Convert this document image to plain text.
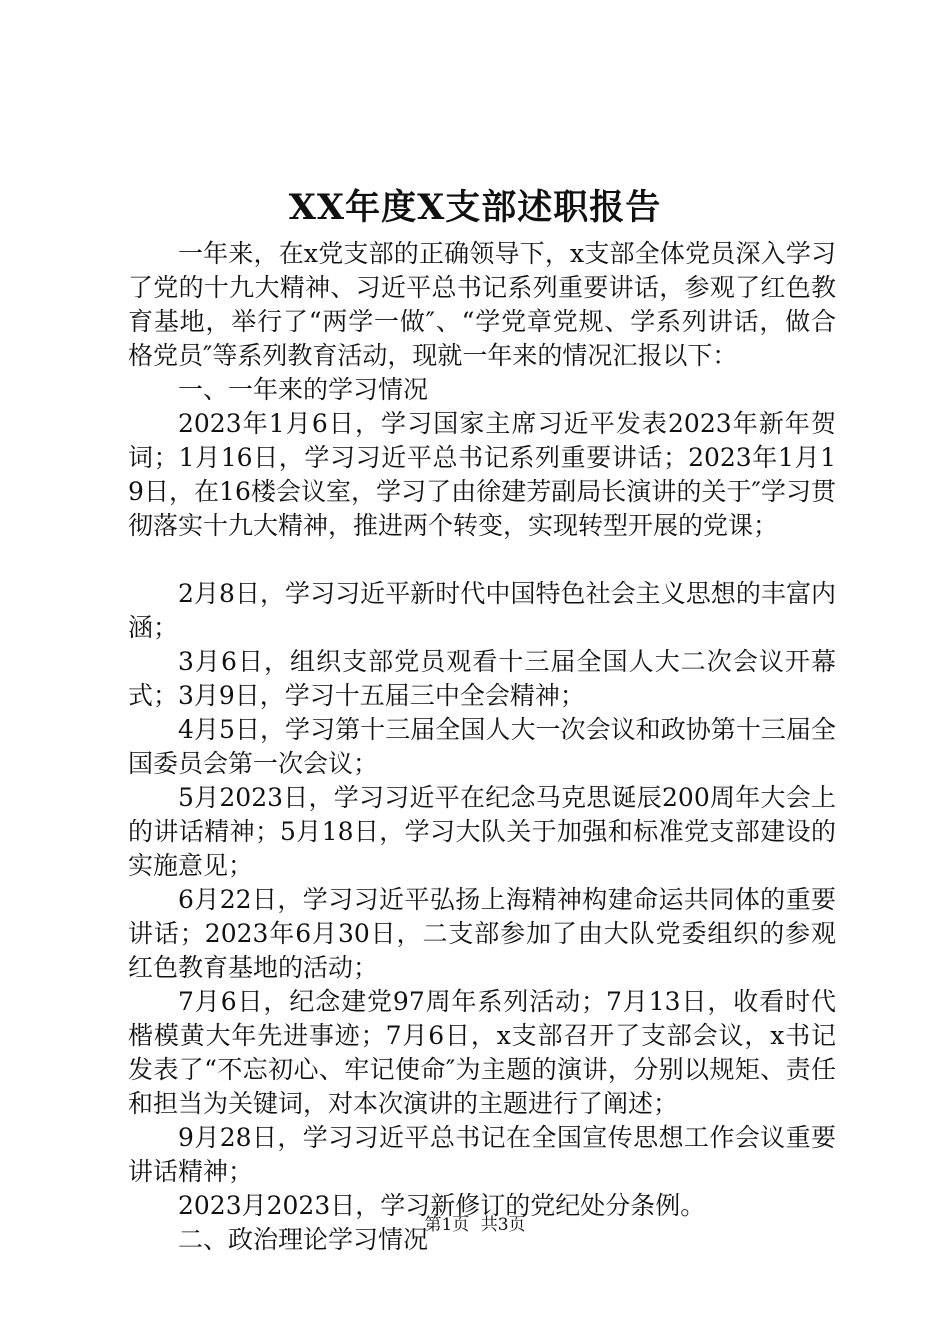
XX年度X支部述职报告

一年来，在x党支部的正确领导下，x支部全体党员深入学习了党的十九大精神、习近平总书记系列重要讲话，参观了红色教育基地，举行了“两学一做″、“学党章党规、学系列讲话，做合格党员″等系列教育活动，现就一年来的情况汇报以下：

一、一年来的学习情况

2023年1月6日，学习国家主席习近平发表2023年新年贺词；1月16日，学习习近平总书记系列重要讲话；2023年1月19日，在16楼会议室，学习了由徐建芳副局长演讲的关于″学习贯彻落实十九大精神，推进两个转变，实现转型开展的党课；

2月8日，学习习近平新时代中国特色社会主义思想的丰富内涵；

3月6日，组织支部党员观看十三届全国人大二次会议开幕式；3月9日，学习十五届三中全会精神；

4月5日，学习第十三届全国人大一次会议和政协第十三届全国委员会第一次会议；

5月2023日，学习习近平在纪念马克思诞辰200周年大会上的讲话精神；5月18日，学习大队关于加强和标准党支部建设的实施意见；

6月22日，学习习近平弘扬上海精神构建命运共同体的重要讲话；2023年6月30日，二支部参加了由大队党委组织的参观红色教育基地的活动；

7月6日，纪念建党97周年系列活动；7月13日，收看时代楷模黄大年先进事迹；7月6日，x支部召开了支部会议，x书记发表了“不忘初心、牢记使命″为主题的演讲，分别以规矩、责任和担当为关键词，对本次演讲的主题进行了阐述；

9月28日，学习习近平总书记在全国宣传思想工作会议重要讲话精神；

2023月2023日，学习新修订的党纪处分条例。

二、政治理论学习情况

第1页 共3页
